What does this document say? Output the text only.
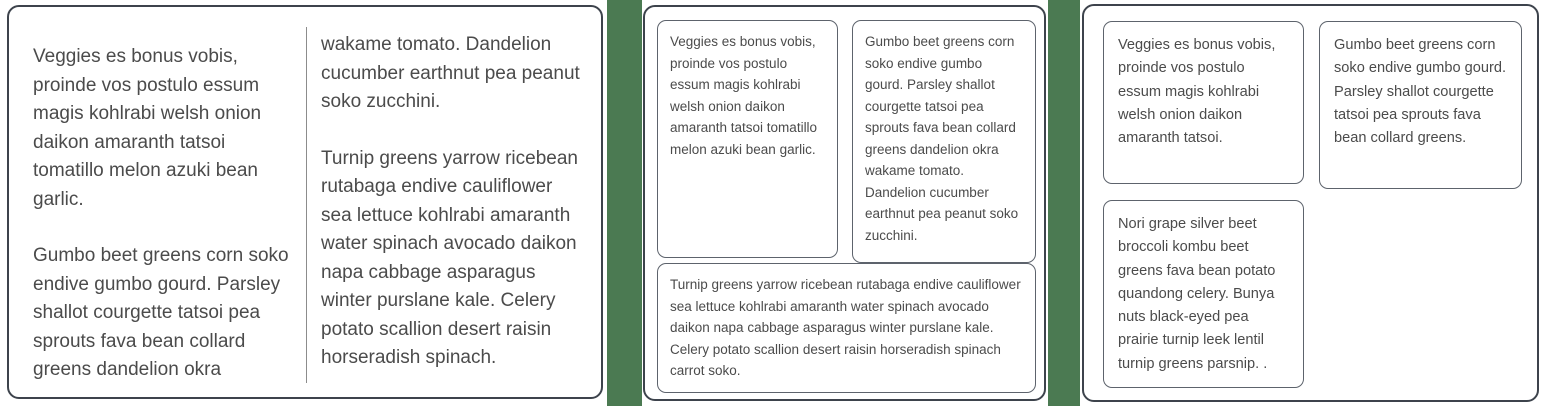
Veggies es bonus vobis, proinde vos postulo essum magis kohlrabi welsh onion daikon amaranth tatsoi tomatillo melon azuki bean garlic.

Gumbo beet greens corn soko endive gumbo gourd. Parsley shallot courgette tatsoi pea sprouts fava bean collard greens dandelion okra

wakame tomato. Dandelion cucumber earthnut pea peanut soko zucchini.

Turnip greens yarrow ricebean rutabaga endive cauliflower sea lettuce kohlrabi amaranth water spinach avocado daikon napa cabbage asparagus winter purslane kale. Celery potato scallion desert raisin horseradish spinach.

Veggies es bonus vobis, proinde vos postulo essum magis kohlrabi welsh onion daikon amaranth tatsoi tomatillo melon azuki bean garlic.
Gumbo beet greens corn soko endive gumbo gourd. Parsley shallot courgette tatsoi pea sprouts fava bean collard greens dandelion okra wakame tomato. Dandelion cucumber earthnut pea peanut soko zucchini.
Turnip greens yarrow ricebean rutabaga endive cauliflower sea lettuce kohlrabi amaranth water spinach avocado daikon napa cabbage asparagus winter purslane kale. Celery potato scallion desert raisin horseradish spinach carrot soko.
Veggies es bonus vobis, proinde vos postulo essum magis kohlrabi welsh onion daikon amaranth tatsoi.
Gumbo beet greens corn soko endive gumbo gourd. Parsley shallot courgette tatsoi pea sprouts fava bean collard greens.
Nori grape silver beet broccoli kombu beet greens fava bean potato quandong celery. Bunya nuts black-eyed pea prairie turnip leek lentil turnip greens parsnip. .
